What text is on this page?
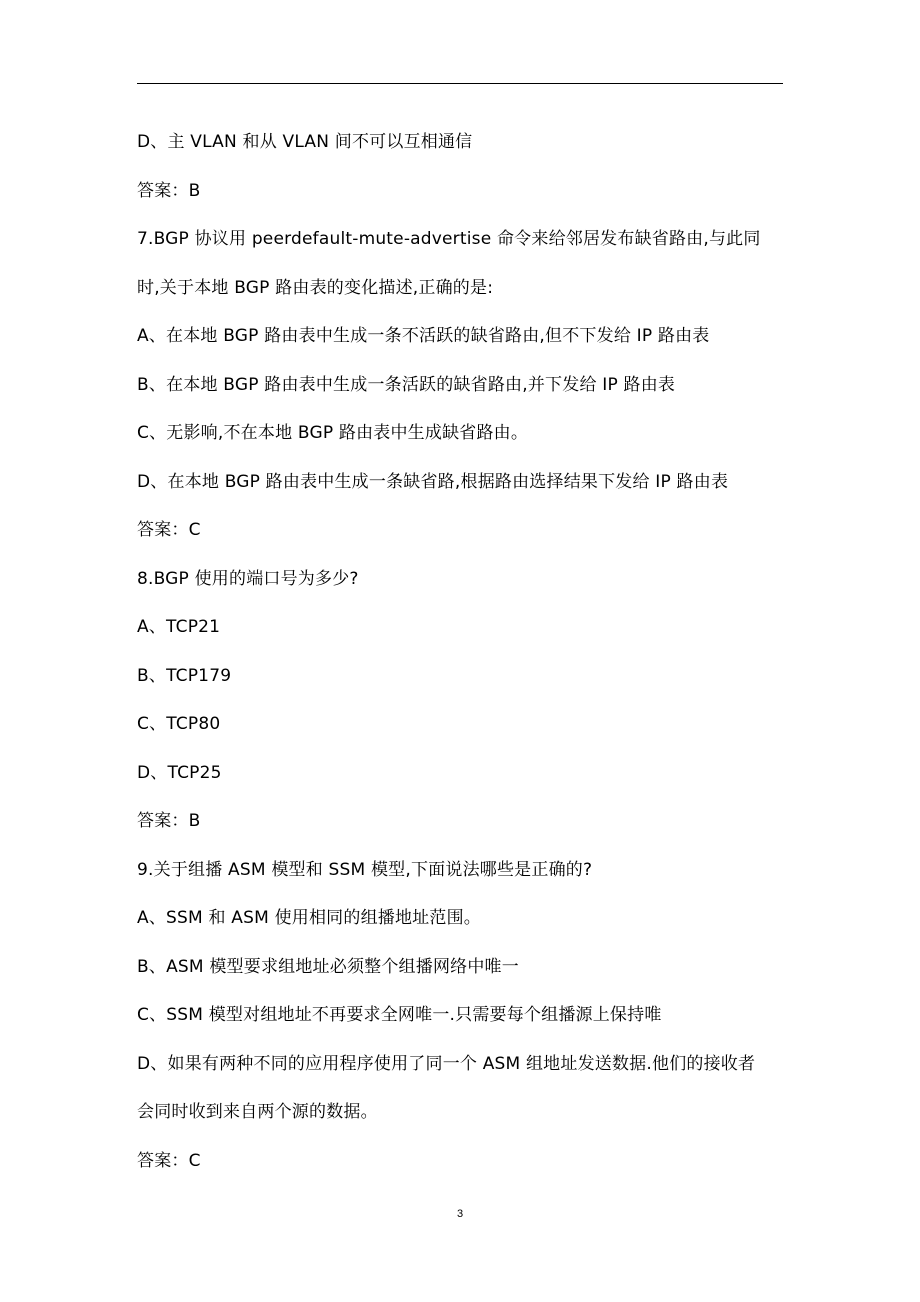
D、主 VLAN 和从 VLAN 间不可以互相通信
答案：B
7.BGP 协议用 peerdefault-mute-advertise 命令来给邻居发布缺省路由,与此同
时,关于本地 BGP 路由表的变化描述,正确的是:
A、在本地 BGP 路由表中生成一条不活跃的缺省路由,但不下发给 IP 路由表
B、在本地 BGP 路由表中生成一条活跃的缺省路由,并下发给 IP 路由表
C、无影响,不在本地 BGP 路由表中生成缺省路由。
D、在本地 BGP 路由表中生成一条缺省路,根据路由选择结果下发给 IP 路由表
答案：C
8.BGP 使用的端口号为多少?
A、TCP21
B、TCP179
C、TCP80
D、TCP25
答案：B
9.关于组播 ASM 模型和 SSM 模型,下面说法哪些是正确的?
A、SSM 和 ASM 使用相同的组播地址范围。
B、ASM 模型要求组地址必须整个组播网络中唯一
C、SSM 模型对组地址不再要求全网唯一.只需要每个组播源上保持唯
D、如果有两种不同的应用程序使用了同一个 ASM 组地址发送数据.他们的接收者
会同时收到来自两个源的数据。
答案：C
3
